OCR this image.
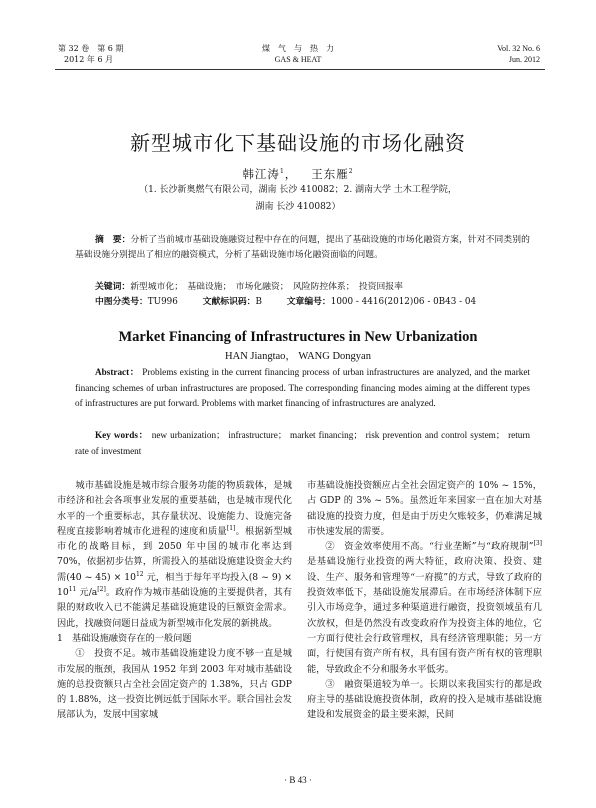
第 32 卷　第 6 期
2012 年 6 月
煤　气　与　热　力
GAS & HEAT
Vol. 32 No. 6
Jun. 2012
新型城市化下基础设施的市场化融资
韩江涛$^1$， 王东雁$^2$
（1. 长沙新奥燃气有限公司，湖南 长沙 410082；2. 湖南大学 土木工程学院，
湖南 长沙 410082）
摘　要：分析了当前城市基础设施融资过程中存在的问题，提出了基础设施的市场化融资方案，针对不同类别的基础设施分别提出了相应的融资模式，分析了基础设施市场化融资面临的问题。
关键词：新型城市化；　基础设施；　市场化融资；　风险防控体系；　投资回报率
中图分类号：TU996	文献标识码：B	文章编号：1000 - 4416(2012)06 - 0B43 - 04
Market Financing of Infrastructures in New Urbanization
HAN Jiangtao， WANG Dongyan
Abstract： Problems existing in the current financing process of urban infrastructures are analyzed, and the market financing schemes of urban infrastructures are proposed. The corresponding financing modes aiming at the different types of infrastructures are put forward. Problems with market financing of infrastructures are analyzed.
Key words： new urbanization； infrastructure； market financing； risk prevention and control system； return rate of investment

城市基础设施是城市综合服务功能的物质载体，是城市经济和社会各项事业发展的重要基础，也是城市现代化水平的一个重要标志，其存量状况、设施能力、设施完备程度直接影响着城市化进程的速度和质量[1]。根据新型城市化的战略目标，到 2050 年中国的城市化率达到 70%，依据初步估算，所需投入的基础设施建设资金大约需(40 ~ $45) \times 10^{12}$ 元，相当于每年平均投入(8 ~ $9) \times 10^{11}$ 元/a[2]。政府作为城市基础设施的主要提供者，其有限的财政收入已不能满足基础设施建设的巨额资金需求。因此，找融资问题日益成为新型城市化发展的新挑战。

1　基础设施融资存在的一般问题

①　投资不足。城市基础设施建设力度不够一直是城市发展的瓶颈，我国从 1952 年到 2003 年对城市基础设施的总投资额只占全社会固定资产的 1.38%，只占 GDP 的 1.88%，这一投资比例远低于国际水平。联合国社会发展部认为，发展中国家城

市基础设施投资额应占全社会固定资产的 10% ~ 15%，占 GDP 的 3% ~ 5%。虽然近年来国家一直在加大对基础设施的投资力度，但是由于历史欠账较多，仍难满足城市快速发展的需要。

②　资金效率使用不高。“行业垄断”与“政府规制”[3]是基础设施行业投资的两大特征，政府决策、投资、建设、生产、服务和管理等“一府揽”的方式，导致了政府的投资效率低下，基础设施发展滞后。在市场经济体制下应引入市场竞争，通过多种渠道进行融资，投资领域虽有几次放权，但是仍然没有改变政府作为投资主体的地位，它一方面行使社会行政管理权，具有经济管理职能；另一方面，行使国有资产所有权，具有国有资产所有权的管理职能，导致政企不分和服务水平低劣。

③　融资渠道较为单一。长期以来我国实行的都是政府主导的基础设施投资体制，政府的投入是城市基础设施建设和发展资金的最主要来源，民间

· B 43 ·
